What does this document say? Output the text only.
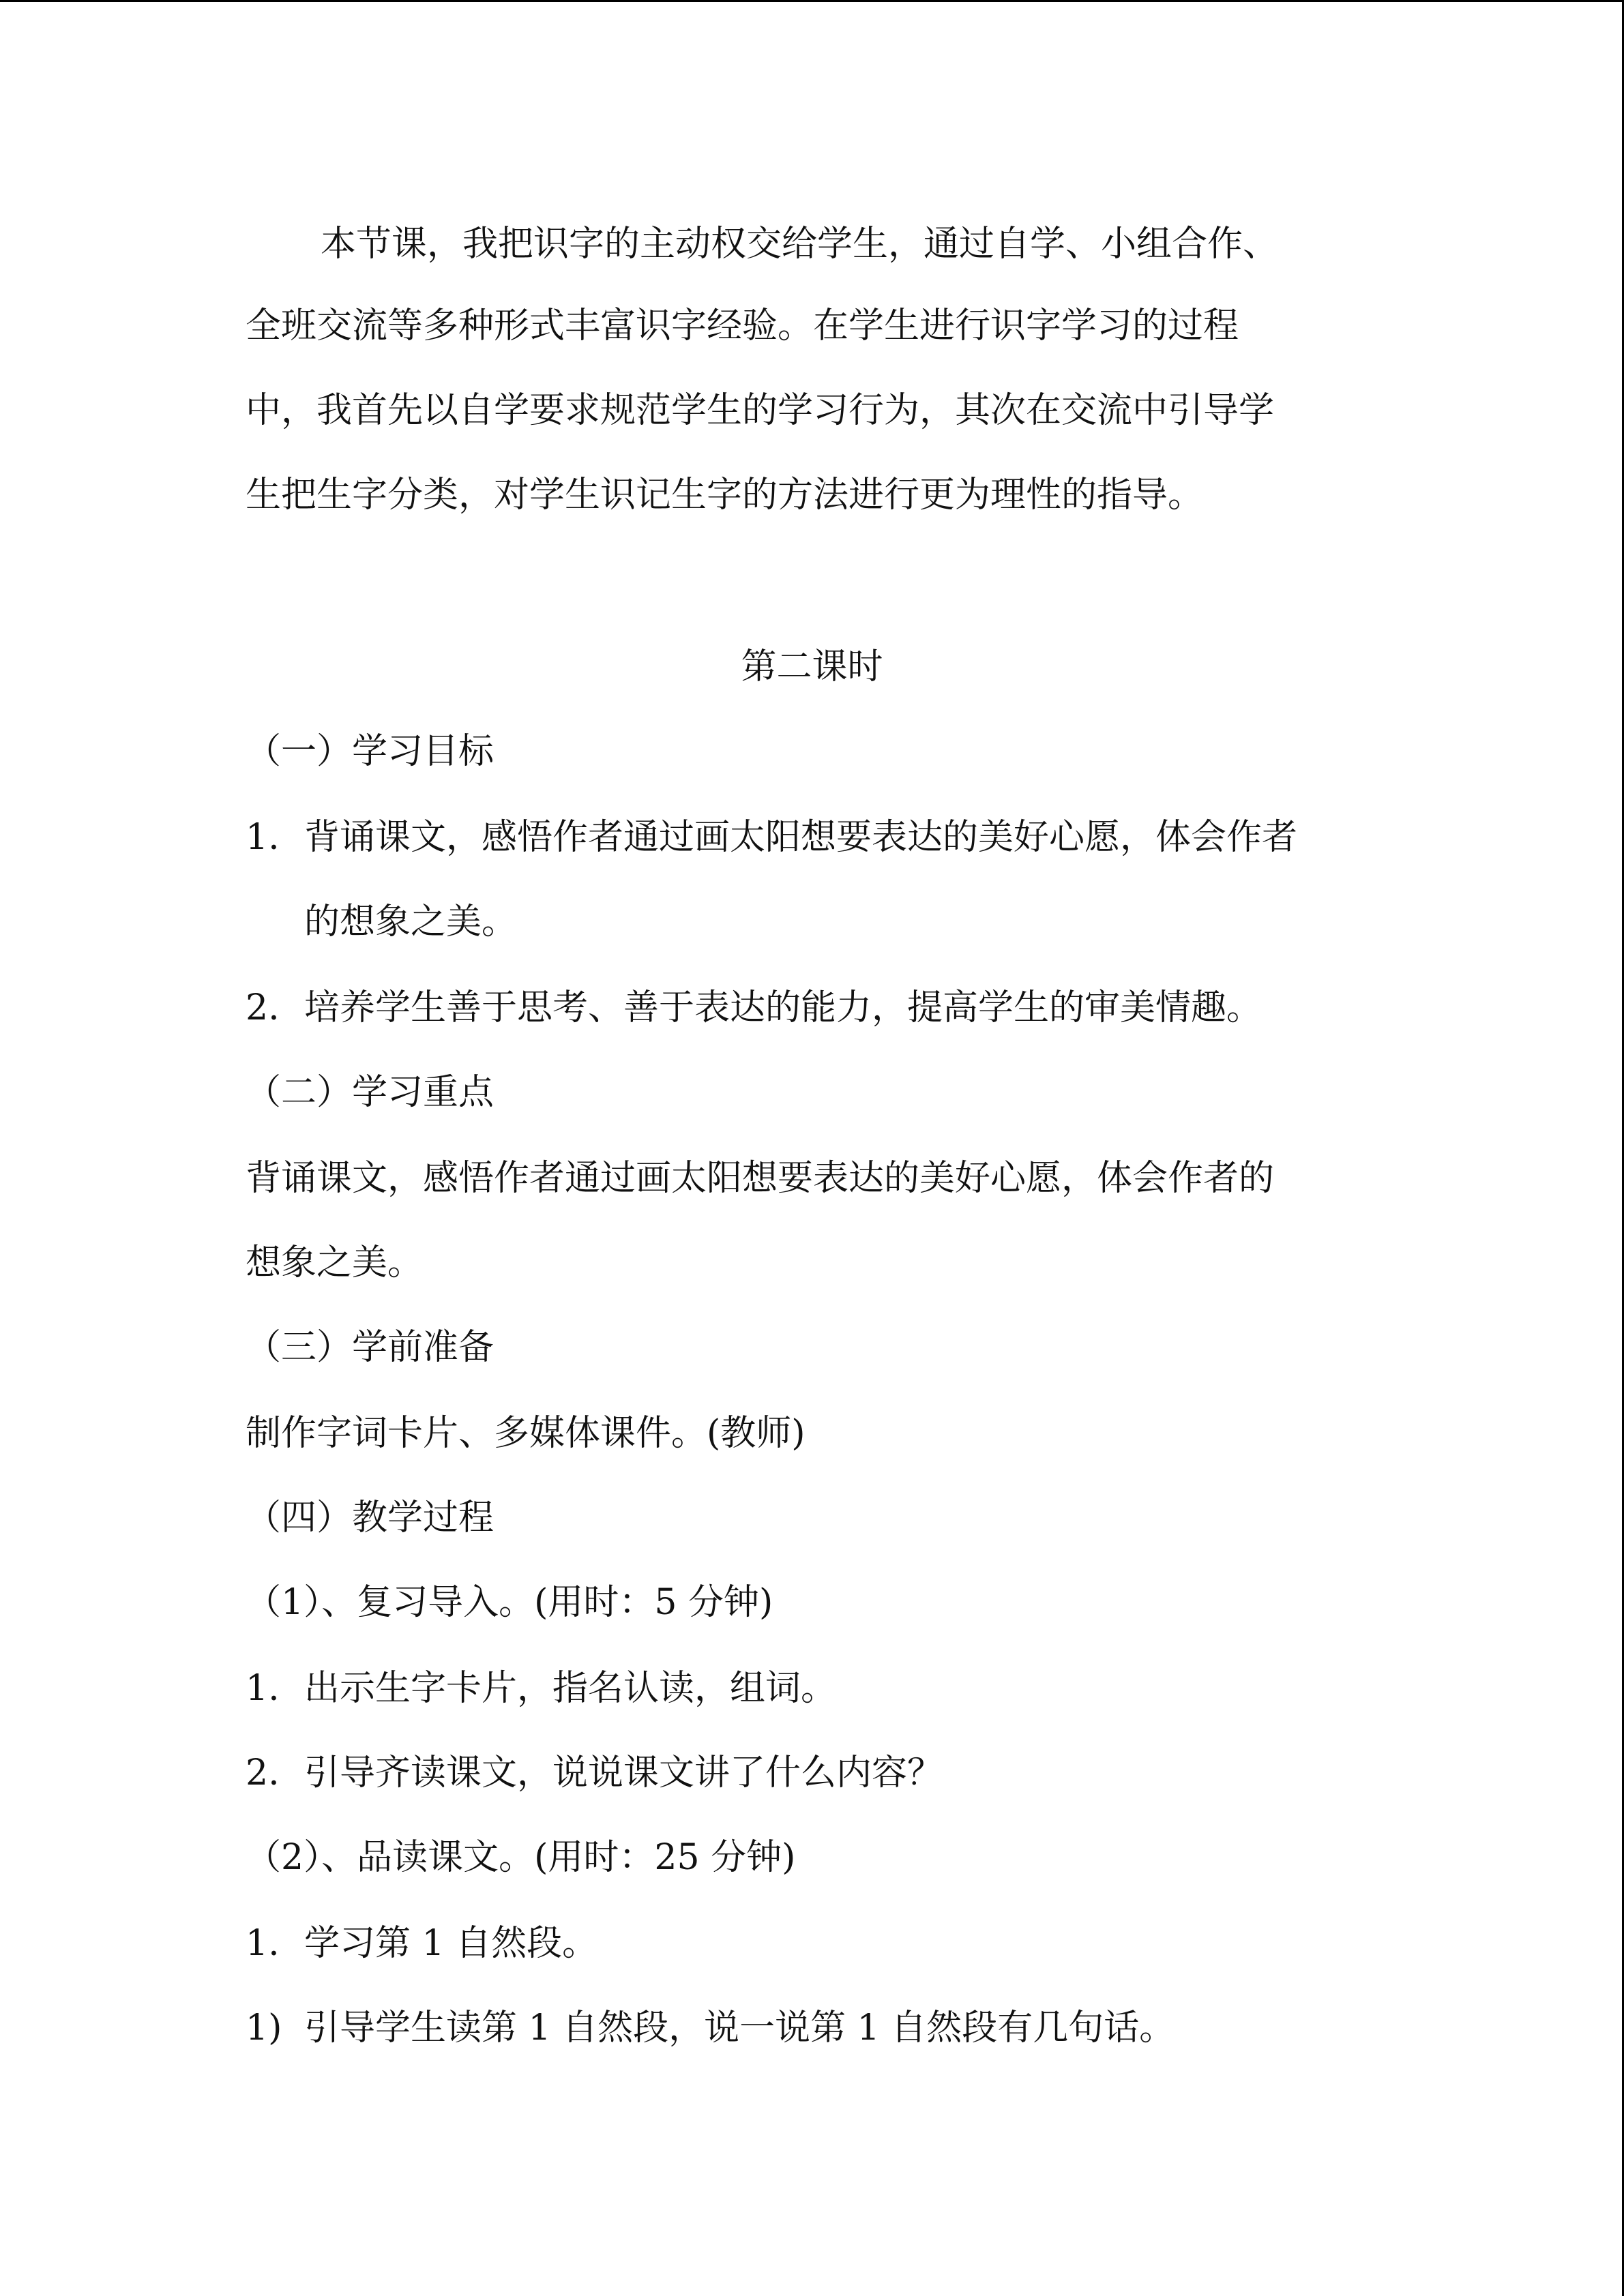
本节课，我把识字的主动权交给学生，通过自学、小组合作、
全班交流等多种形式丰富识字经验。在学生进行识字学习的过程
中，我首先以自学要求规范学生的学习行为，其次在交流中引导学
生把生字分类，对学生识记生字的方法进行更为理性的指导。
第二课时
（一）学习目标
1. 背诵课文，感悟作者通过画太阳想要表达的美好心愿，体会作者
的想象之美。
2. 培养学生善于思考、善于表达的能力，提高学生的审美情趣。
（二）学习重点
背诵课文，感悟作者通过画太阳想要表达的美好心愿，体会作者的
想象之美。
（三）学前准备
制作字词卡片、多媒体课件。(教师)
（四）教学过程
（1）、复习导入。(用时：5 分钟)
1. 出示生字卡片，指名认读，组词。
2. 引导齐读课文，说说课文讲了什么内容？
（2）、品读课文。(用时：25 分钟)
1. 学习第 1 自然段。
1) 引导学生读第 1 自然段，说一说第 1 自然段有几句话。
